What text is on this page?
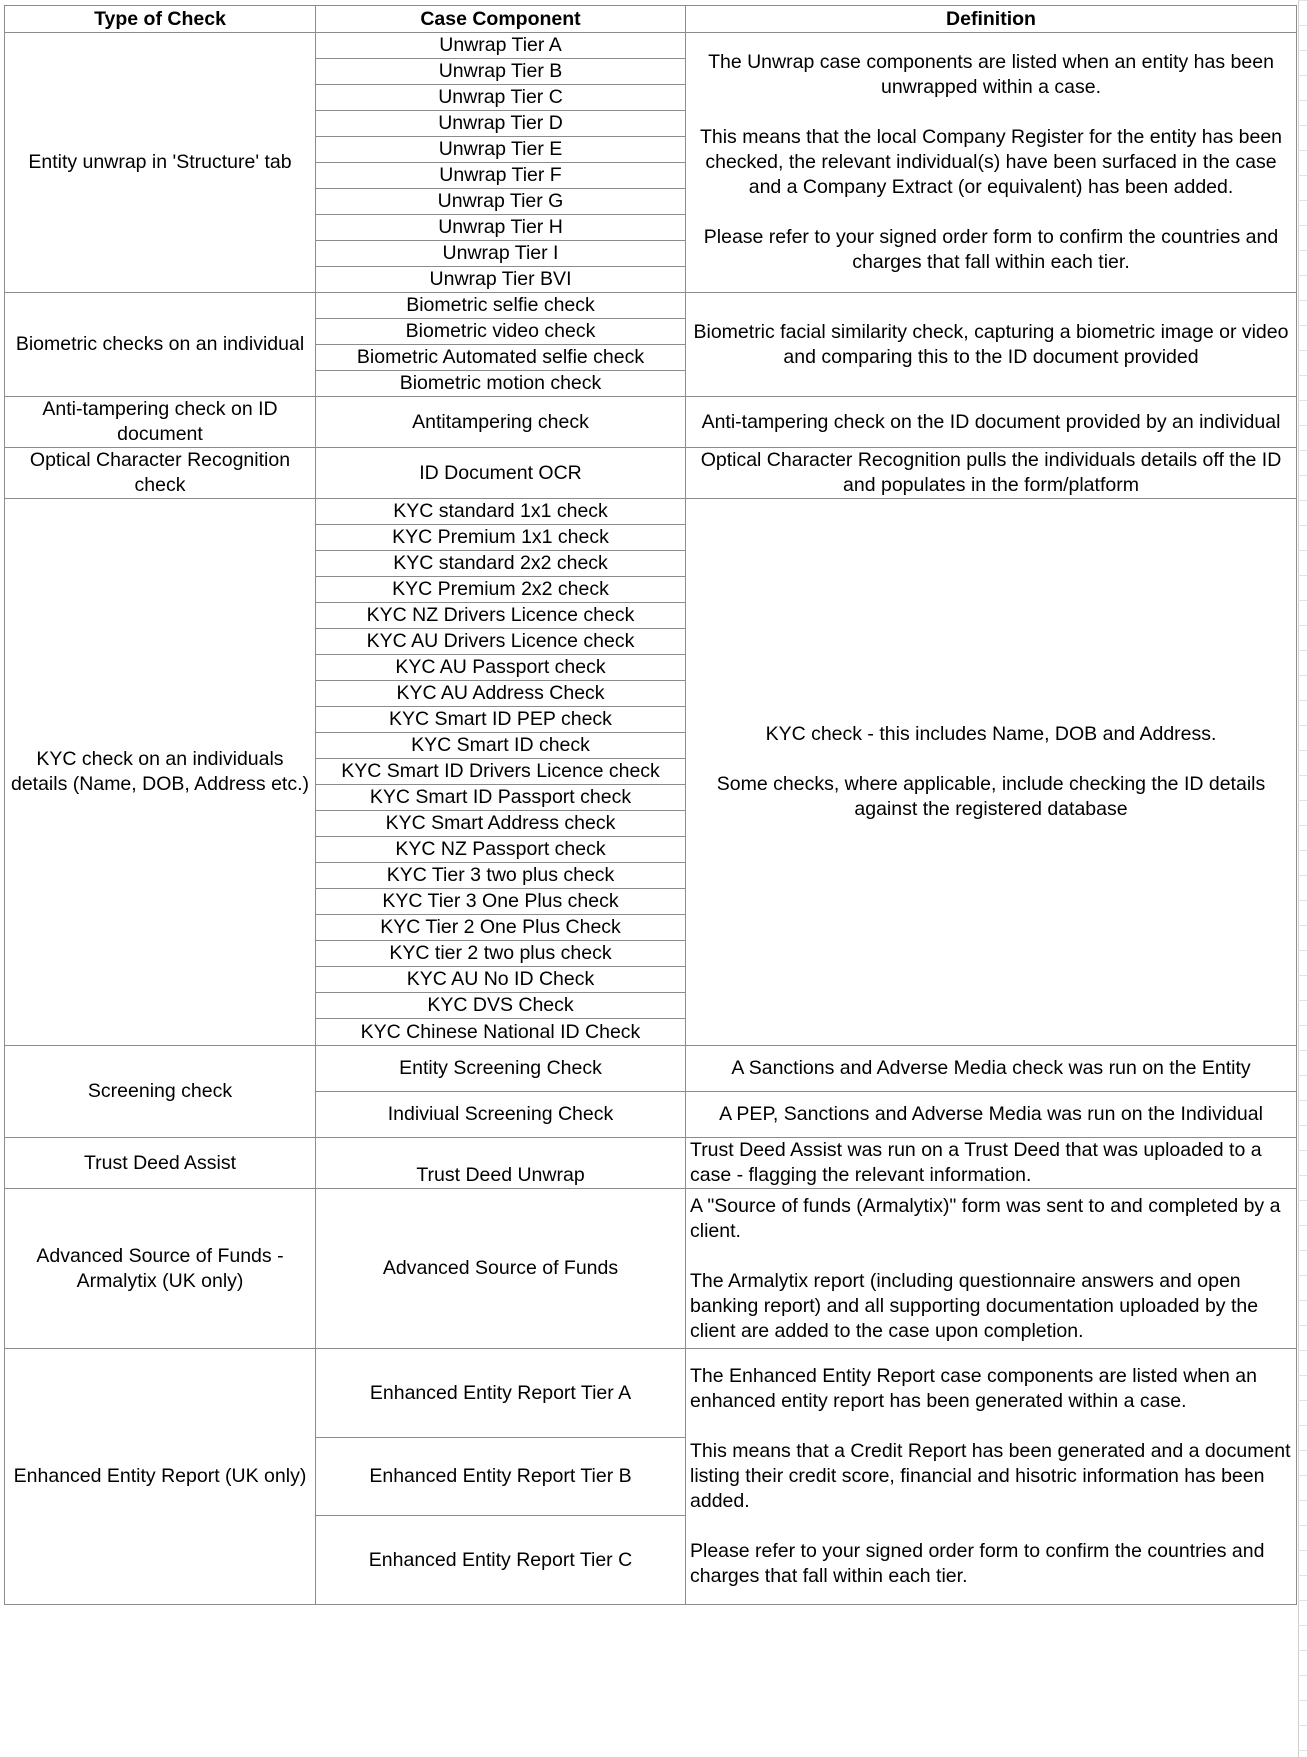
Type of Check	Case Component	Definition
Entity unwrap in 'Structure' tab	Unwrap Tier A	The Unwrap case components are listed when an entity has been unwrapped within a case.
This means that the local Company Register for the entity has been checked, the relevant individual(s) have been surfaced in the case and a Company Extract (or equivalent) has been added.
Please refer to your signed order form to confirm the countries and charges that fall within each tier.

	Unwrap Tier B	
	Unwrap Tier C	
	Unwrap Tier D	
	Unwrap Tier E	
	Unwrap Tier F	
	Unwrap Tier G	
	Unwrap Tier H	
	Unwrap Tier I	
	Unwrap Tier BVI	
Biometric checks on an individual	Biometric selfie check	Biometric facial similarity check, capturing a biometric image or video and comparing this to the ID document provided

	Biometric video check	
	Biometric Automated selfie check	
	Biometric motion check	
Anti-tampering check on ID document	Antitampering check	Anti-tampering check on the ID document provided by an individual

Optical Character Recognition check	ID Document OCR	Optical Character Recognition pulls the individuals details off the ID and populates in the form/platform

KYC check on an individuals details (Name, DOB, Address etc.)	KYC standard 1x1 check	KYC check - this includes Name, DOB and Address.
Some checks, where applicable, include checking the ID details against the registered database

	KYC Premium 1x1 check	
	KYC standard 2x2 check	
	KYC Premium 2x2 check	
	KYC NZ Drivers Licence check	
	KYC AU Drivers Licence check	
	KYC AU Passport check	
	KYC AU Address Check	
	KYC Smart ID PEP check	
	KYC Smart ID check	
	KYC Smart ID Drivers Licence check	
	KYC Smart ID Passport check	
	KYC Smart Address check	
	KYC NZ Passport check	
	KYC Tier 3 two plus check	
	KYC Tier 3 One Plus check	
	KYC Tier 2 One Plus Check	
	KYC tier 2 two plus check	
	KYC AU No ID Check	
	KYC DVS Check	
	KYC Chinese National ID Check	
Screening check	Entity Screening Check	A Sanctions and Adverse Media check was run on the Entity
	Indiviual Screening Check	A PEP, Sanctions and Adverse Media was run on the Individual
Trust Deed Assist	Trust Deed Unwrap	Trust Deed Assist was run on a Trust Deed that was uploaded to a case - flagging the relevant information.

Advanced Source of Funds - Armalytix (UK only)	Advanced Source of Funds	A "Source of funds (Armalytix)" form was sent to and completed by a client.
The Armalytix report (including questionnaire answers and open banking report) and all supporting documentation uploaded by the client are added to the case upon completion.

Enhanced Entity Report (UK only)	Enhanced Entity Report Tier A	The Enhanced Entity Report case components are listed when an enhanced entity report has been generated within a case.
This means that a Credit Report has been generated and a document listing their credit score, financial and hisotric information has been added.
Please refer to your signed order form to confirm the countries and charges that fall within each tier.

	Enhanced Entity Report Tier B	
	Enhanced Entity Report Tier C	
